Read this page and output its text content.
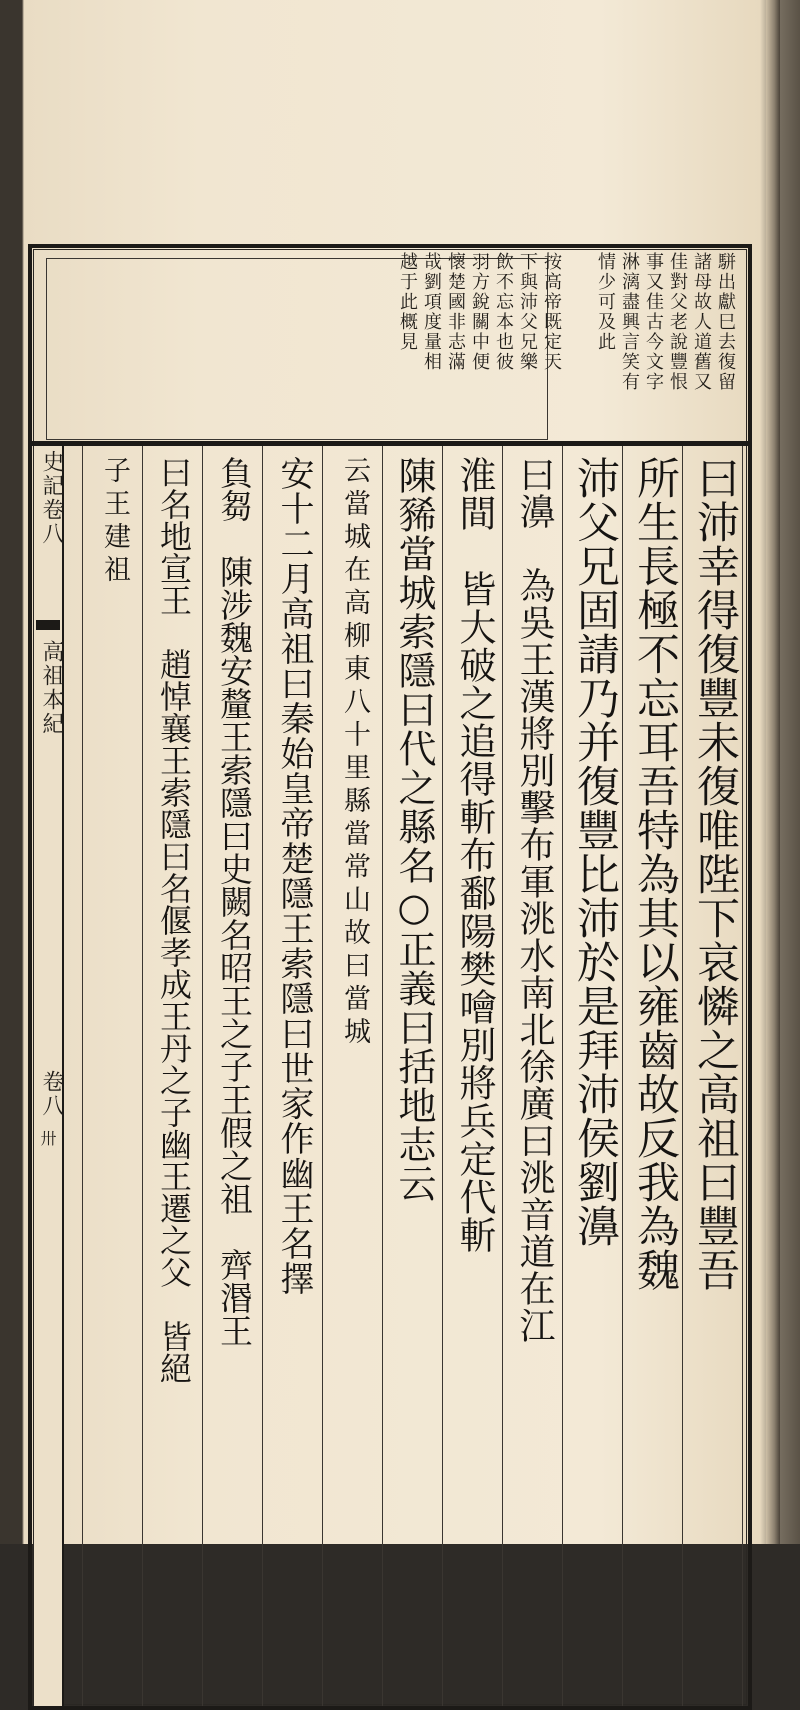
駢出獻巳去復留
諸母故人道舊又
佳對父老說豐恨
事又佳古今文字
淋漓盡興言笑有
情少可及此
按高帝既定天
下與沛父兄樂
飲不忘本也彼
羽方銳關中便
懷楚國非志滿
哉劉項度量相
越于此概見
曰沛幸得復豐未復唯陛下哀憐之高祖曰豐吾
所生長極不忘耳吾特為其以雍齒故反我為魏
沛父兄固請乃并復豐比沛於是拜沛侯劉濞
曰濞　為吳王漢將別擊布軍洮水南北徐廣曰洮音道在江
淮間　皆大破之追得斬布鄱陽樊噲別將兵定代斬
陳豨當城索隱曰代之縣名○正義曰括地志云
云當城在高柳東八十里縣當常山故曰當城
安十二月高祖曰秦始皇帝楚隱王索隱曰世家作幽王名擇
負芻　陳涉魏安釐王索隱曰史闕名昭王之子王假之祖　齊湣王
曰名地宣王　趙悼襄王索隱曰名偃孝成王丹之子幽王遷之父　皆絕
子王建祖
史記卷八
高祖本紀
卷八
卅
